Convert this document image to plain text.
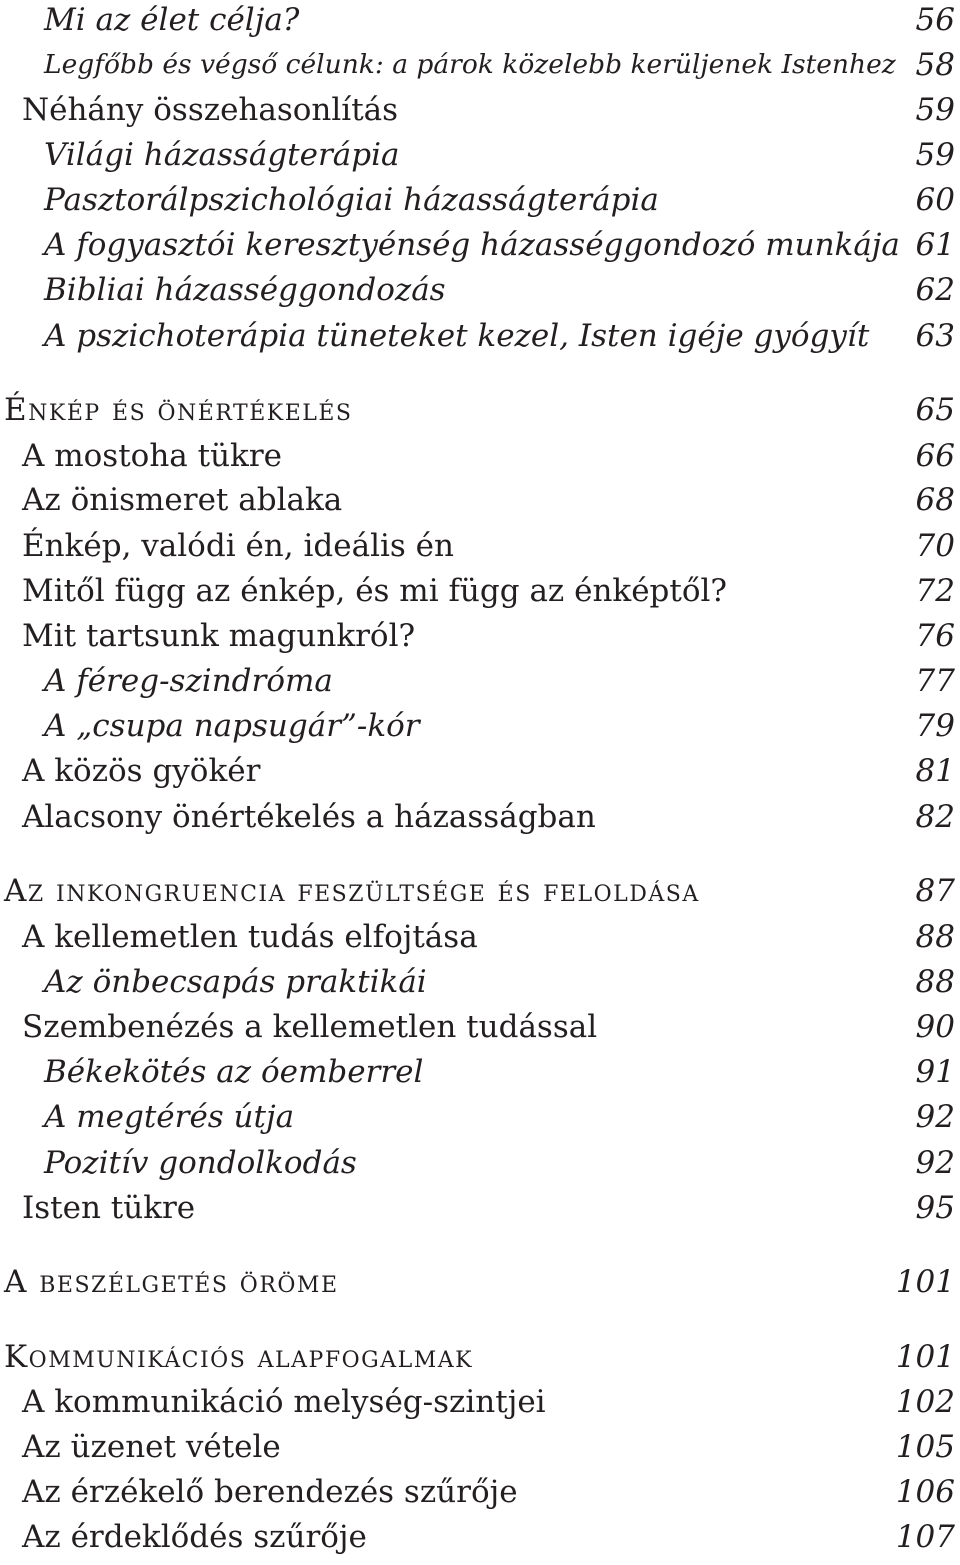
Mi az élet célja?	56
Legfőbb és végső célunk: a párok közelebb kerüljenek Istenhez 58
Néhány összehasonlítás	59
Világi házasságterápia	59
Pasztorálpszichológiai házasságterápia	60
A fogyasztói keresztyénség házasséggondozó munkája 61
Bibliai házasséggondozás	62
A pszichoterápia tüneteket kezel, Isten igéje gyógyít 63
Énkép és önértékelés	65
A mostoha tükre	66
Az önismeret ablaka	68
Énkép, valódi én, ideális én	70
Mitől függ az énkép, és mi függ az énképtől?	72
Mit tartsunk magunkról?	76
A féreg-szindróma	77
A „csupa napsugár”-kór	79
A közös gyökér	81
Alacsony önértékelés a házasságban	82
Az inkongruencia feszültsége és feloldása	87
A kellemetlen tudás elfojtása	88
Az önbecsapás praktikái	88
Szembenézés a kellemetlen tudással	90
Békekötés az óemberrel	91
A megtérés útja	92
Pozitív gondolkodás	92
Isten tükre	95
A beszélgetés öröme	101
Kommunikációs alapfogalmak	101
A kommunikáció melység-szintjei	102
Az üzenet vétele	105
Az érzékelő berendezés szűrője	106
Az érdeklődés szűrője	107
